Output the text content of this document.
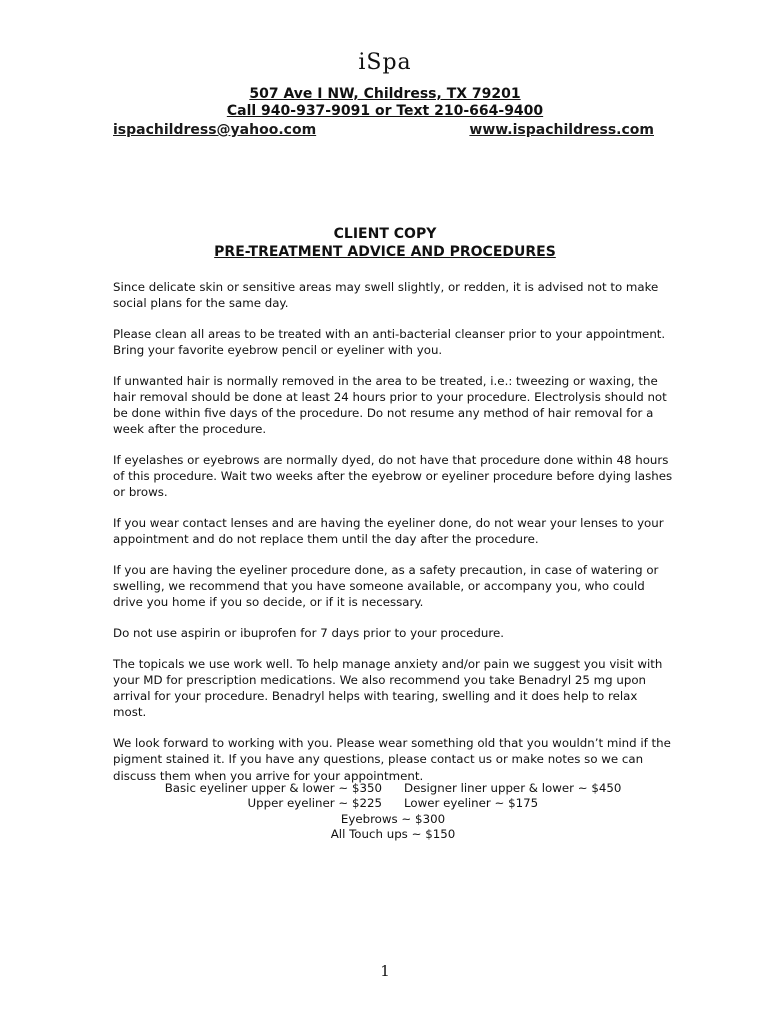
iSpa
507 Ave I NW, Childress, TX 79201
Call 940-937-9091 or Text 210-664-9400
ispachildress@yahoo.com	www.ispachildress.com
CLIENT COPY
PRE-TREATMENT ADVICE AND PROCEDURES

Since delicate skin or sensitive areas may swell slightly, or redden, it is advised not to make social plans for the same day.

Please clean all areas to be treated with an anti-bacterial cleanser prior to your appointment. Bring your favorite eyebrow pencil or eyeliner with you.

If unwanted hair is normally removed in the area to be treated, i.e.: tweezing or waxing, the hair removal should be done at least 24 hours prior to your procedure. Electrolysis should not be done within five days of the procedure. Do not resume any method of hair removal for a week after the procedure.

If eyelashes or eyebrows are normally dyed, do not have that procedure done within 48 hours of this procedure. Wait two weeks after the eyebrow or eyeliner procedure before dying lashes or brows.

If you wear contact lenses and are having the eyeliner done, do not wear your lenses to your appointment and do not replace them until the day after the procedure.

If you are having the eyeliner procedure done, as a safety precaution, in case of watering or swelling, we recommend that you have someone available, or accompany you, who could drive you home if you so decide, or if it is necessary.

Do not use aspirin or ibuprofen for 7 days prior to your procedure.

The topicals we use work well. To help manage anxiety and/or pain we suggest you visit with your MD for prescription medications. We also recommend you take Benadryl 25 mg upon arrival for your procedure. Benadryl helps with tearing, swelling and it does help to relax most.

We look forward to working with you. Please wear something old that you wouldn’t mind if the pigment stained it. If you have any questions, please contact us or make notes so we can discuss them when you arrive for your appointment.

Basic eyeliner upper & lower ~ $350	Designer liner upper & lower ~ $450
Upper eyeliner ~ $225	Lower eyeliner ~ $175
Eyebrows ~ $300
All Touch ups ~ $150
1
